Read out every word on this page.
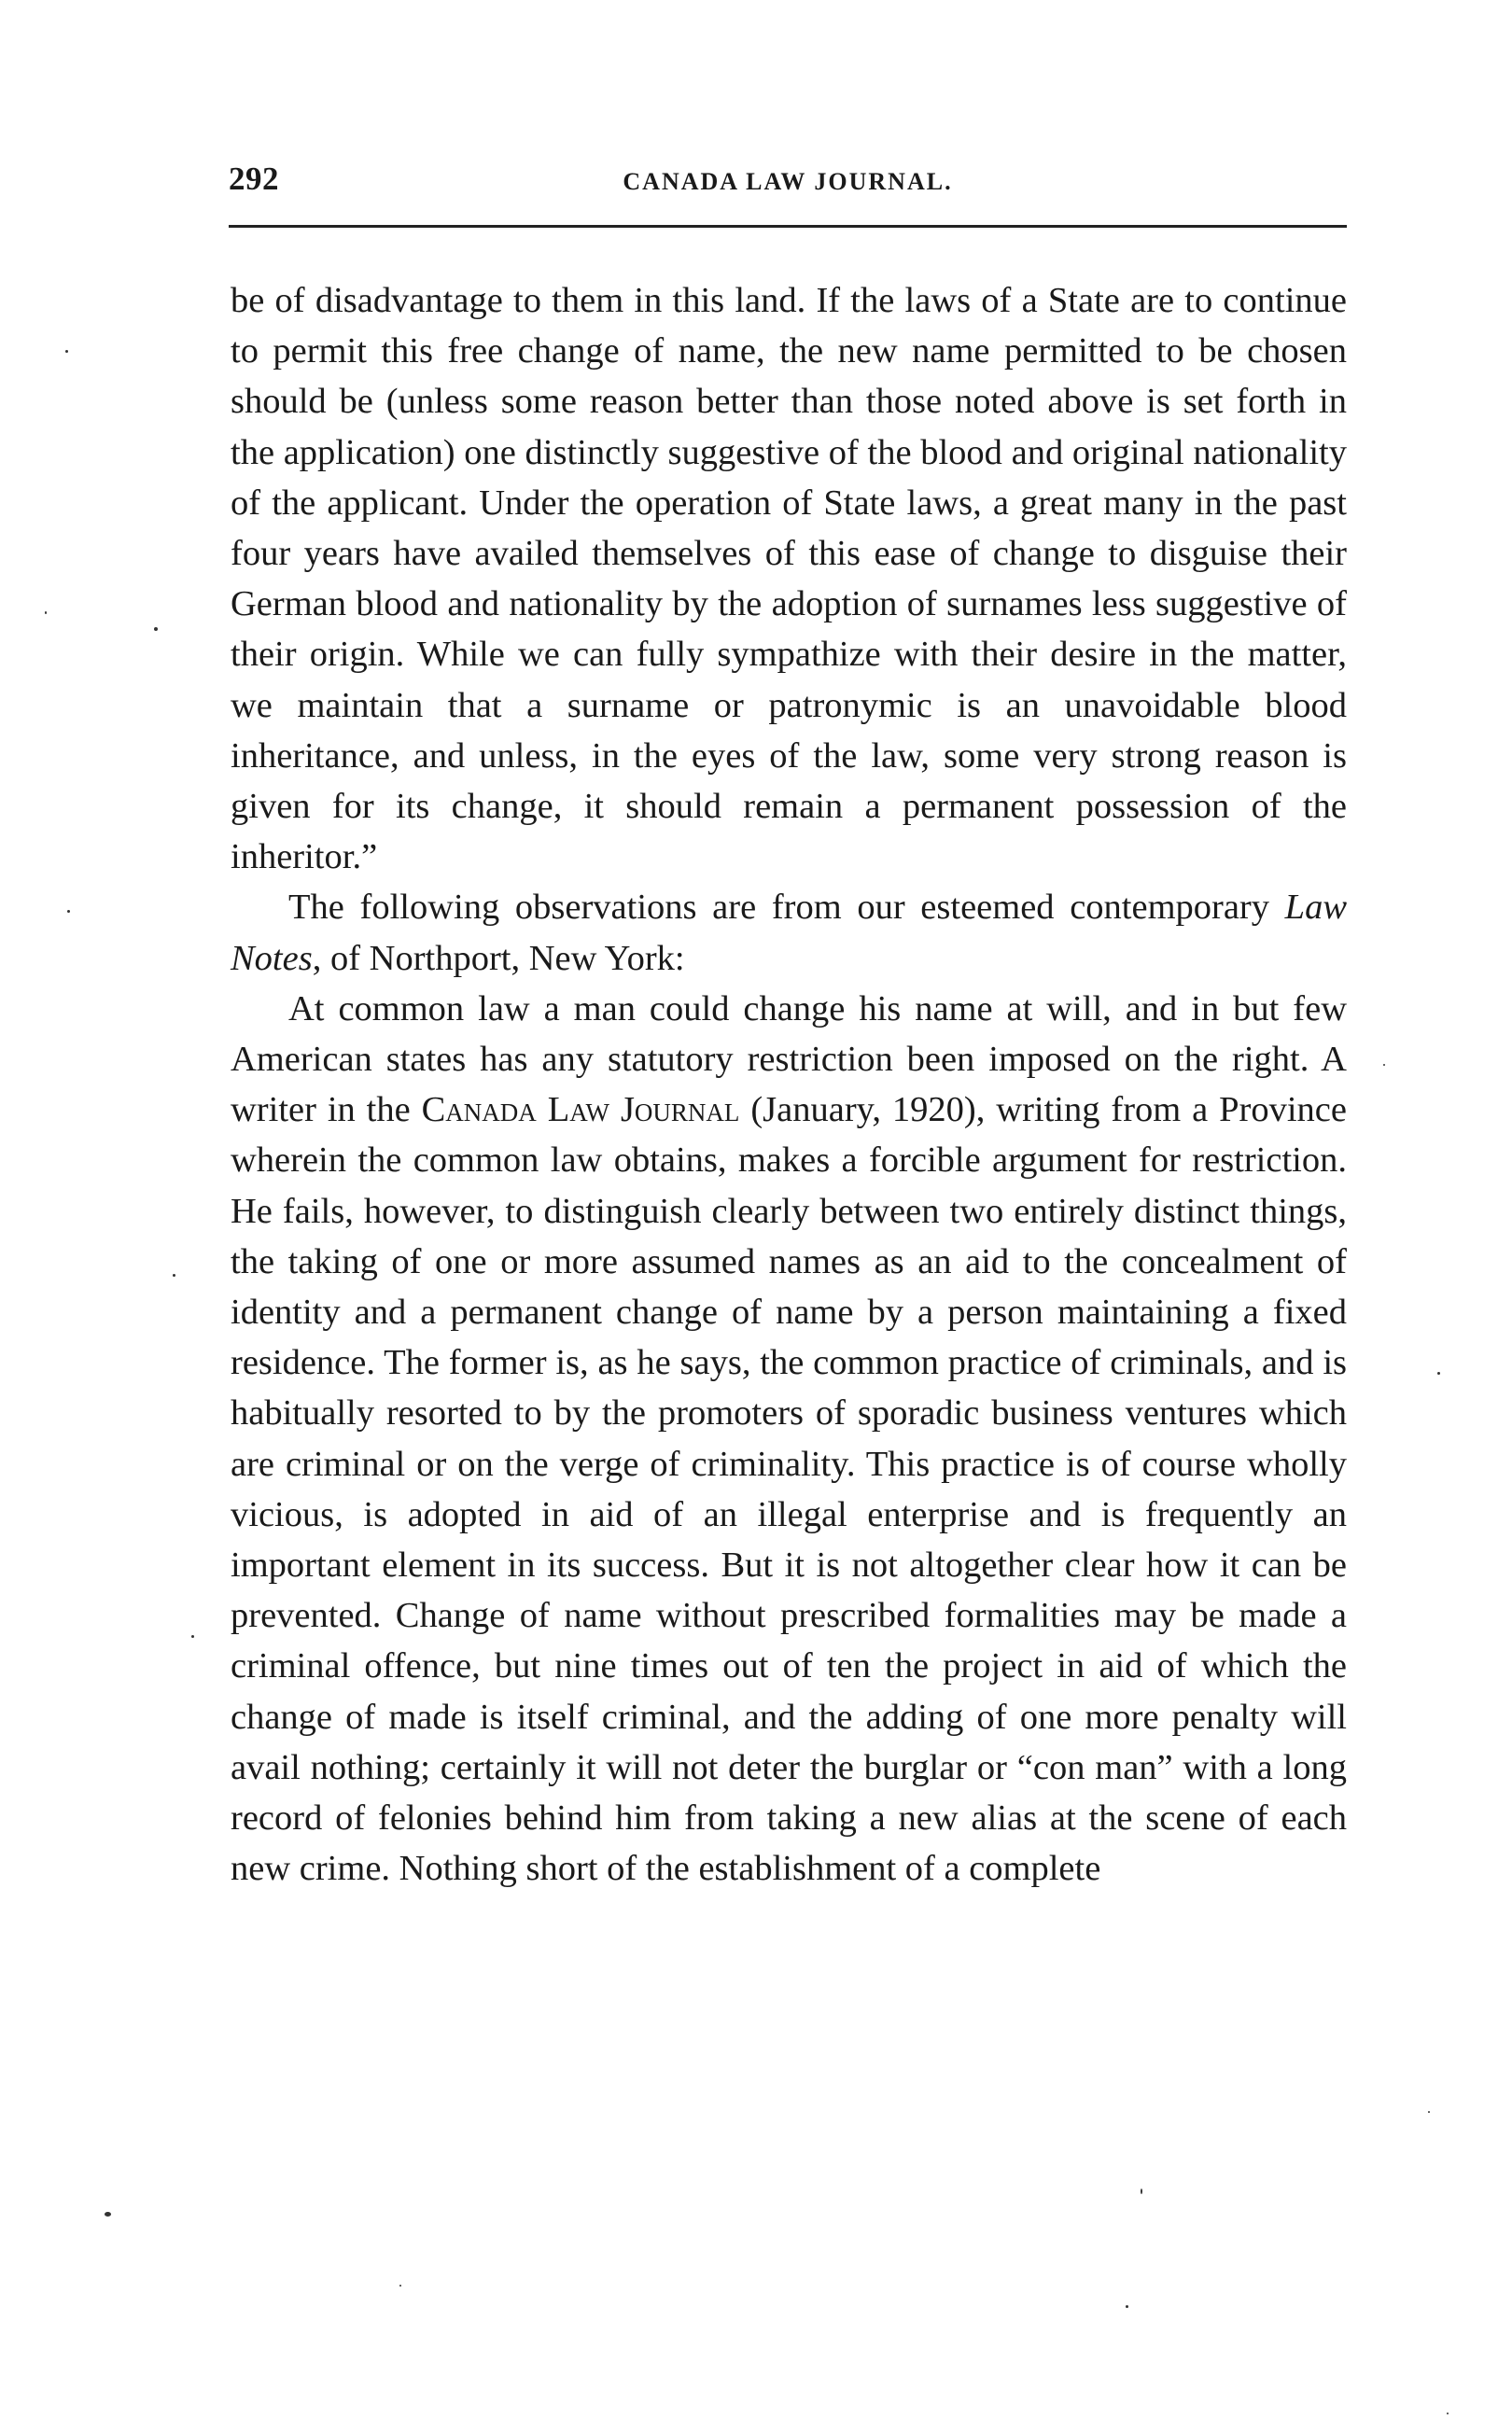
292	CANADA LAW JOURNAL.

be of disadvantage to them in this land. If the laws of a State are to continue to permit this free change of name, the new name permitted to be chosen should be (unless some reason better than those noted above is set forth in the application) one distinctly suggestive of the blood and original nationality of the applicant. Under the operation of State laws, a great many in the past four years have availed themselves of this ease of change to disguise their German blood and nationality by the adoption of surnames less suggestive of their origin. While we can fully sympathize with their desire in the matter, we maintain that a surname or patronymic is an unavoidable blood inheritance, and unless, in the eyes of the law, some very strong reason is given for its change, it should remain a permanent possession of the inheritor.”

The following observations are from our esteemed contemporary Law Notes, of Northport, New York:

At common law a man could change his name at will, and in but few American states has any statutory restriction been imposed on the right. A writer in the Canada Law Journal (January, 1920), writing from a Province wherein the common law obtains, makes a forcible argument for restriction. He fails, however, to distinguish clearly between two entirely distinct things, the taking of one or more assumed names as an aid to the concealment of identity and a permanent change of name by a person maintaining a fixed residence. The former is, as he says, the common practice of criminals, and is habitually resorted to by the promoters of sporadic business ventures which are criminal or on the verge of criminality. This practice is of course wholly vicious, is adopted in aid of an illegal enterprise and is frequently an important element in its success. But it is not altogether clear how it can be prevented. Change of name without prescribed formalities may be made a criminal offence, but nine times out of ten the project in aid of which the change of made is itself criminal, and the adding of one more penalty will avail nothing; certainly it will not deter the burglar or “con man” with a long record of felonies behind him from taking a new alias at the scene of each new crime. Nothing short of the establishment of a complete
